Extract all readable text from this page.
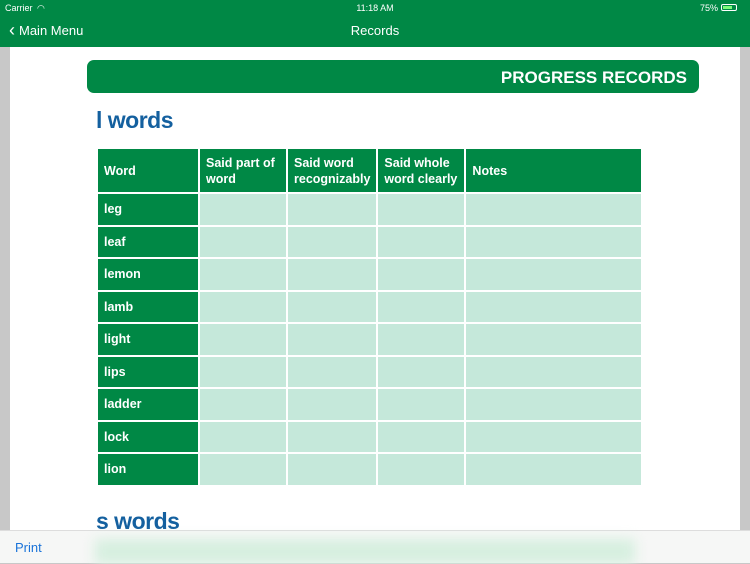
Carrier ◠	11:18 AM	75%
‹ Main Menu	Records
PROGRESS RECORDS
l words
Word	Said part of word	Said word recognizably	Said whole word clearly	Notes
leg				
leaf				
lemon				
lamb				
light				
lips				
ladder				
lock				
lion				
s words
Print
